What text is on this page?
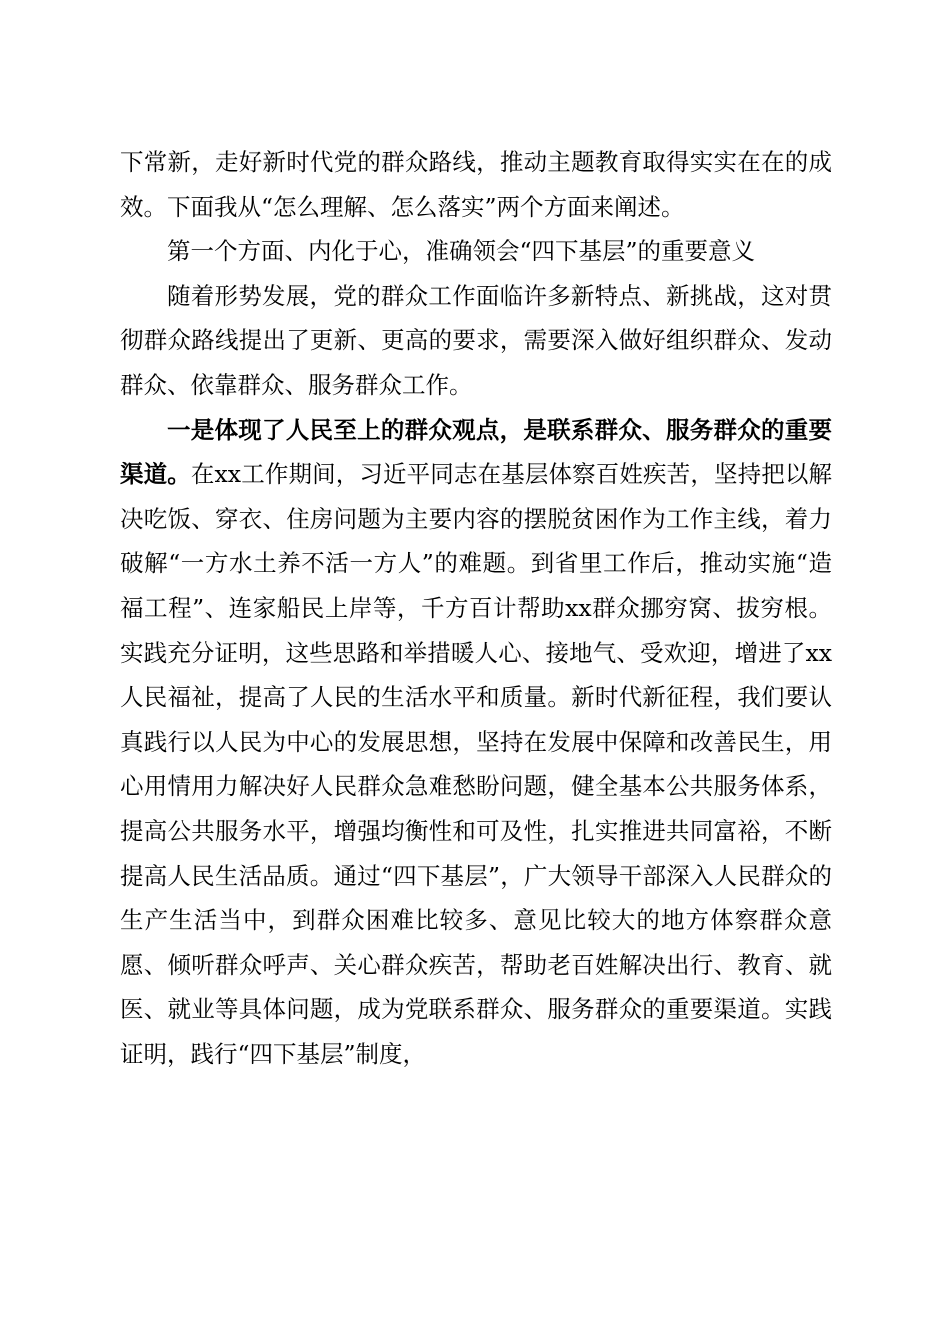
下常新，走好新时代党的群众路线，推动主题教育取得实实在在的成效。下面我从“怎么理解、怎么落实”两个方面来阐述。

第一个方面、内化于心，准确领会“四下基层”的重要意义

随着形势发展，党的群众工作面临许多新特点、新挑战，这对贯彻群众路线提出了更新、更高的要求，需要深入做好组织群众、发动群众、依靠群众、服务群众工作。

一是体现了人民至上的群众观点，是联系群众、服务群众的重要渠道。在xx工作期间，习近平同志在基层体察百姓疾苦，坚持把以解决吃饭、穿衣、住房问题为主要内容的摆脱贫困作为工作主线，着力破解“一方水土养不活一方人”的难题。到省里工作后，推动实施“造福工程”、连家船民上岸等，千方百计帮助xx群众挪穷窝、拔穷根。实践充分证明，这些思路和举措暖人心、接地气、受欢迎，增进了xx人民福祉，提高了人民的生活水平和质量。新时代新征程，我们要认真践行以人民为中心的发展思想，坚持在发展中保障和改善民生，用心用情用力解决好人民群众急难愁盼问题，健全基本公共服务体系，提高公共服务水平，增强均衡性和可及性，扎实推进共同富裕，不断提高人民生活品质。通过“四下基层”，广大领导干部深入人民群众的生产生活当中，到群众困难比较多、意见比较大的地方体察群众意愿、倾听群众呼声、关心群众疾苦，帮助老百姓解决出行、教育、就医、就业等具体问题，成为党联系群众、服务群众的重要渠道。实践证明，践行“四下基层”制度，
